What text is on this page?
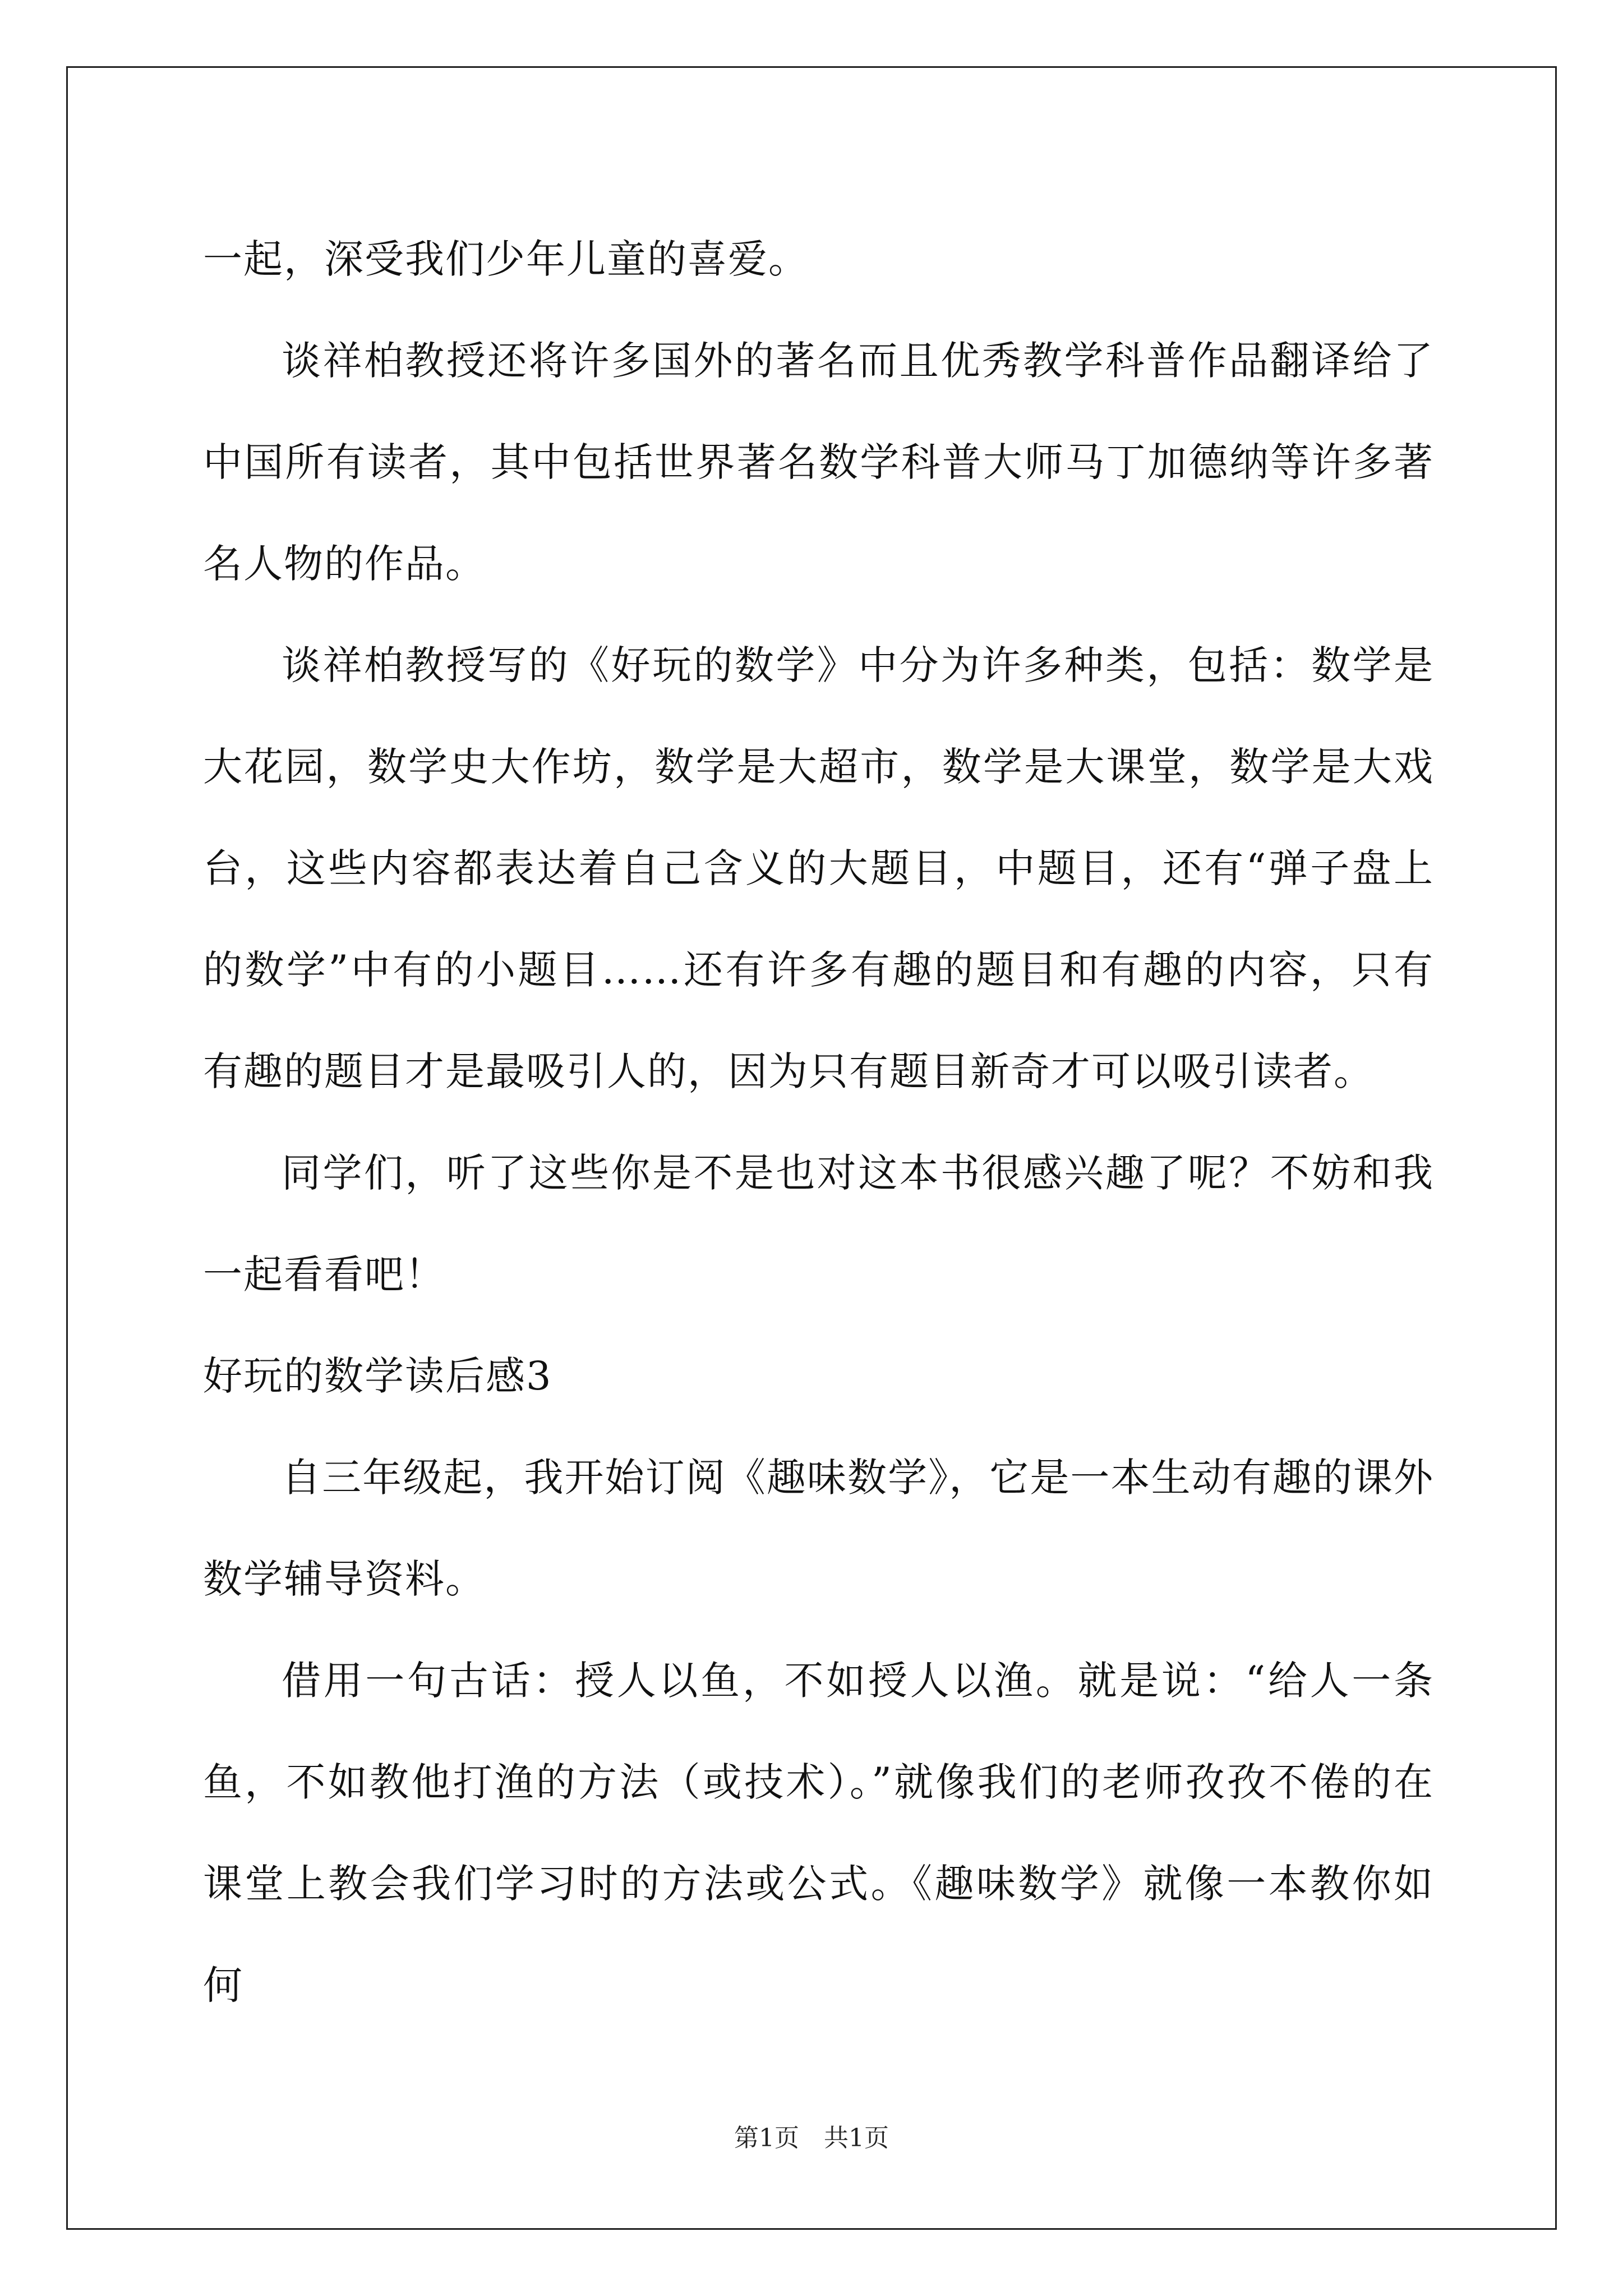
一起，深受我们少年儿童的喜爱。

谈祥柏教授还将许多国外的著名而且优秀教学科普作品翻译给了中国所有读者，其中包括世界著名数学科普大师马丁加德纳等许多著名人物的作品。

谈祥柏教授写的《好玩的数学》中分为许多种类，包括：数学是大花园，数学史大作坊，数学是大超市，数学是大课堂，数学是大戏台，这些内容都表达着自己含义的大题目，中题目，还有“弹子盘上的数学”中有的小题目……还有许多有趣的题目和有趣的内容，只有有趣的题目才是最吸引人的，因为只有题目新奇才可以吸引读者。

同学们，听了这些你是不是也对这本书很感兴趣了呢？不妨和我一起看看吧！

好玩的数学读后感3

自三年级起，我开始订阅《趣味数学》，它是一本生动有趣的课外数学辅导资料。

借用一句古话：授人以鱼，不如授人以渔。就是说：“给人一条鱼，不如教他打渔的方法（或技术）。”就像我们的老师孜孜不倦的在课堂上教会我们学习时的方法或公式。《趣味数学》就像一本教你如何

第1页　共1页
